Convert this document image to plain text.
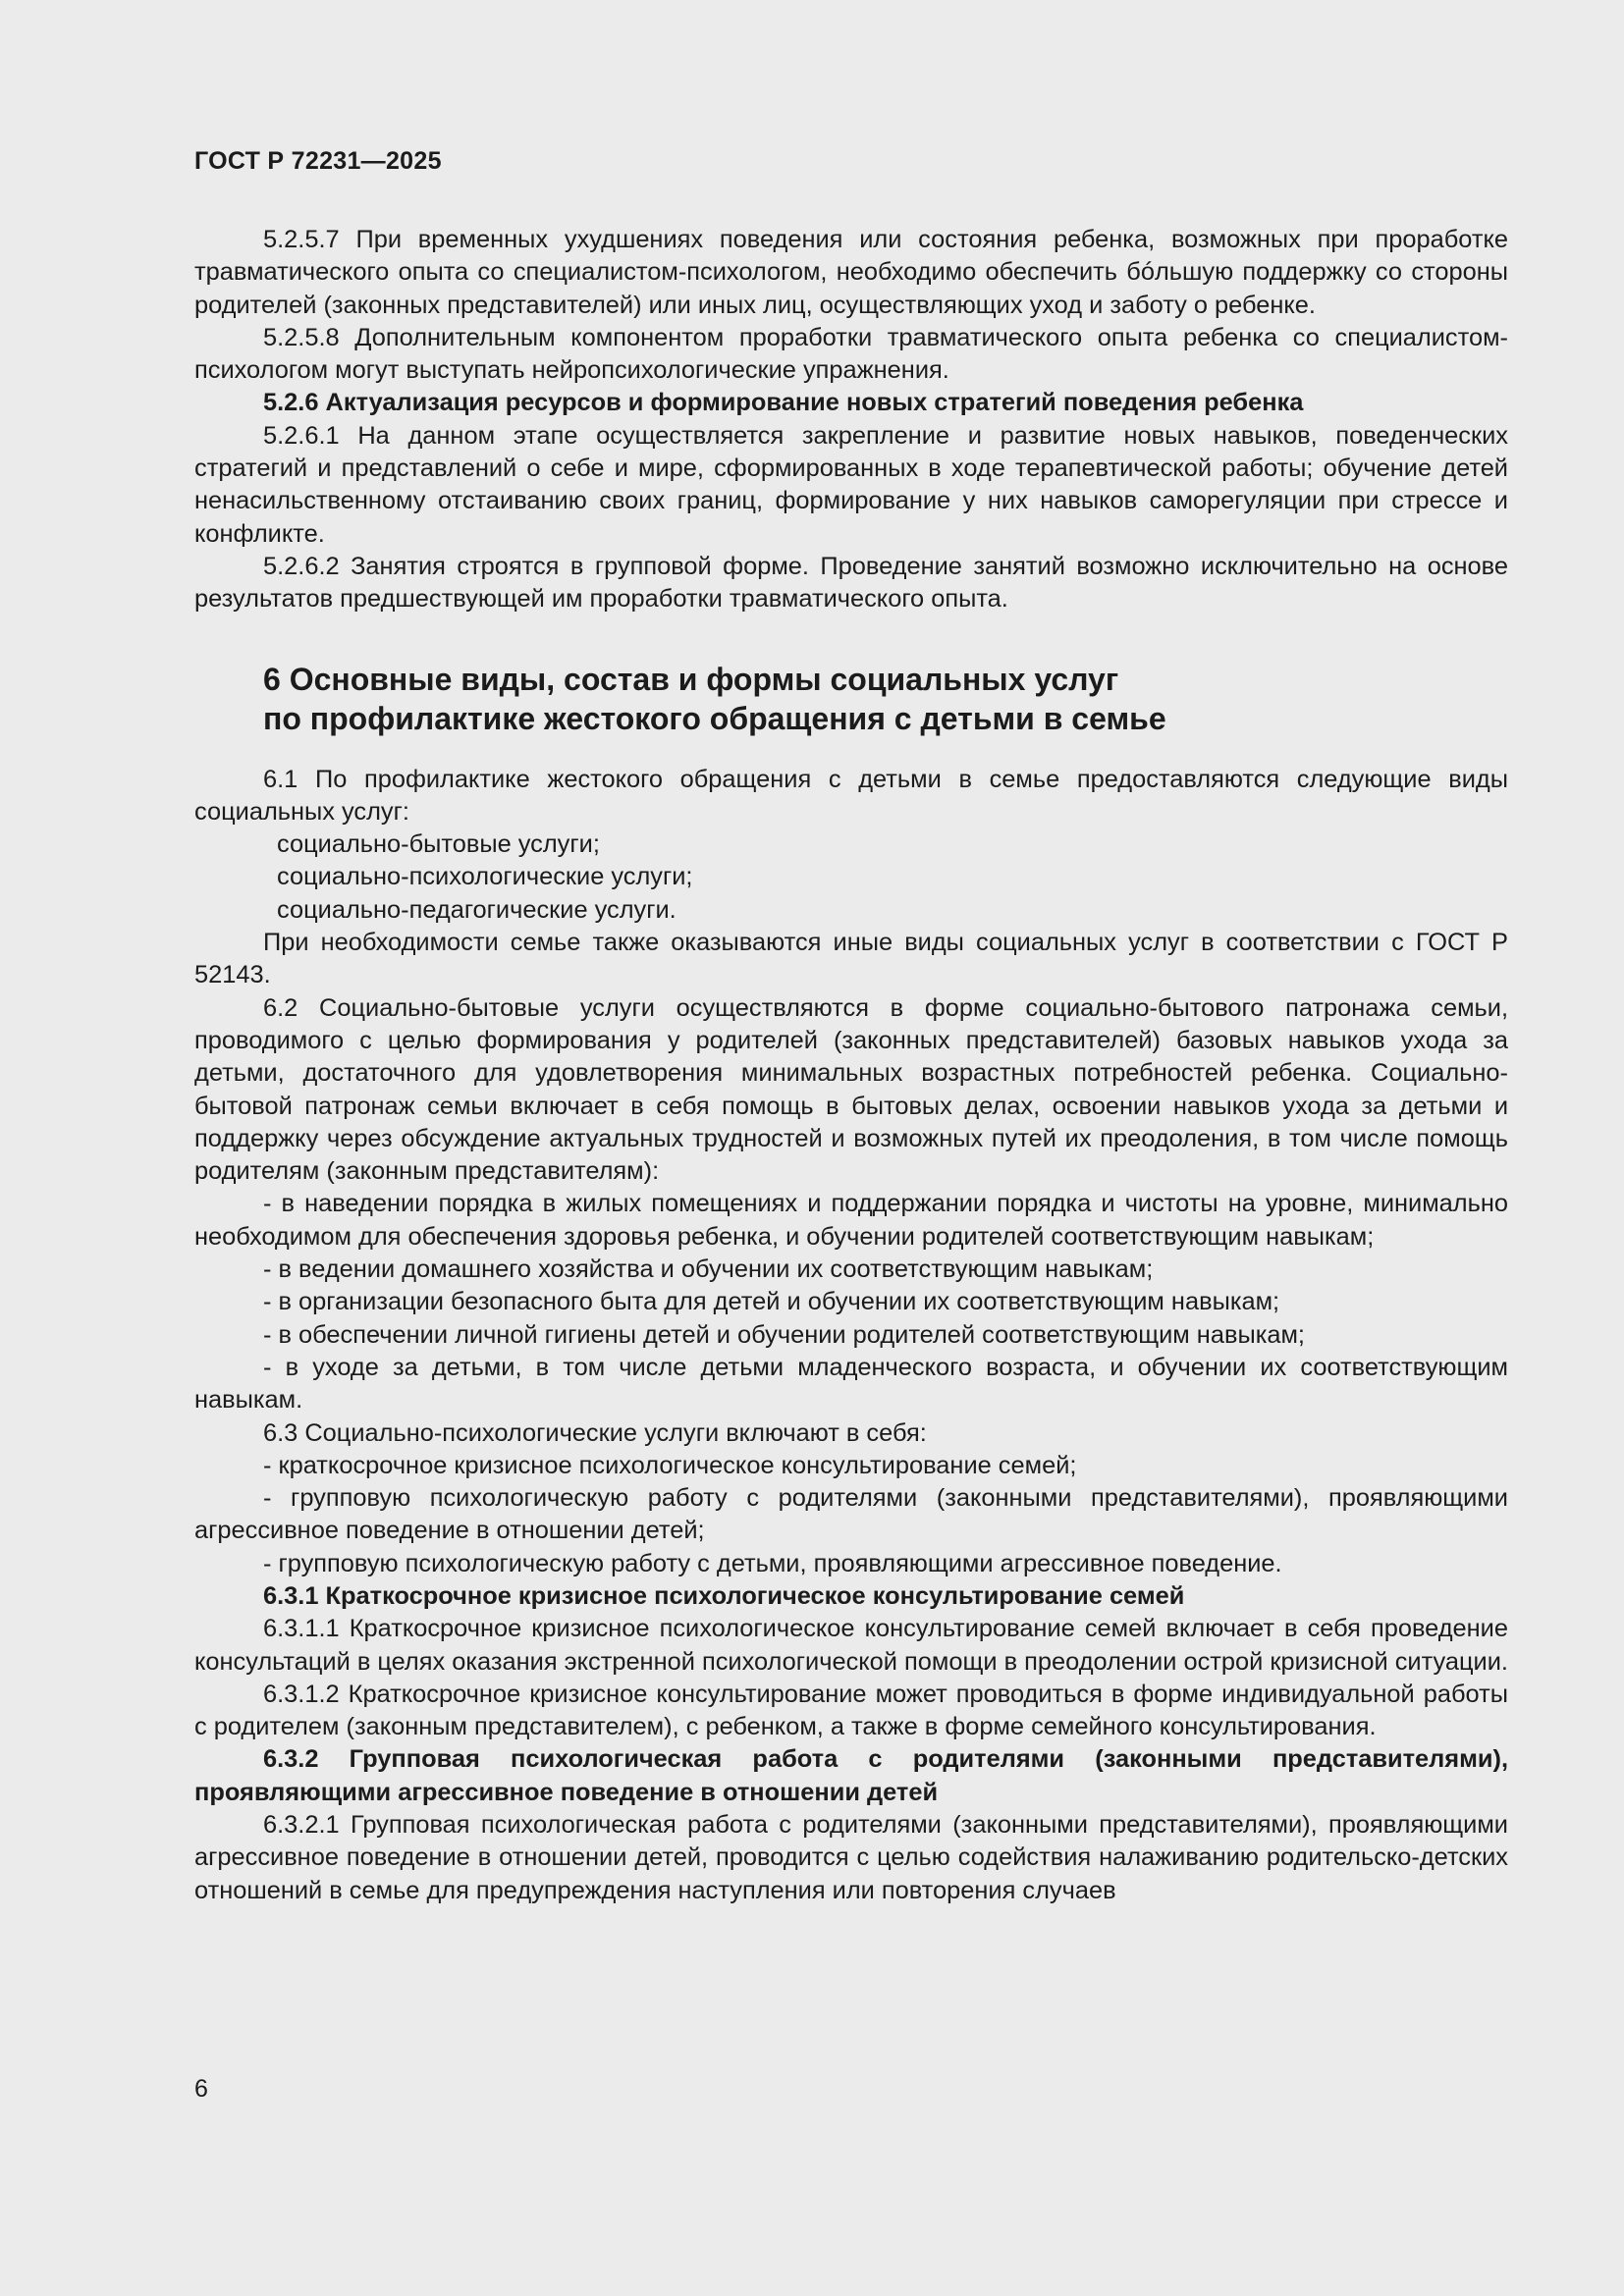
ГОСТ Р 72231—2025

5.2.5.7 При временных ухудшениях поведения или состояния ребенка, возможных при проработке травматического опыта со специалистом-психологом, необходимо обеспечить бóльшую поддержку со стороны родителей (законных представителей) или иных лиц, осуществляющих уход и заботу о ребенке.

5.2.5.8 Дополнительным компонентом проработки травматического опыта ребенка со специалистом-психологом могут выступать нейропсихологические упражнения.

5.2.6 Актуализация ресурсов и формирование новых стратегий поведения ребенка

5.2.6.1 На данном этапе осуществляется закрепление и развитие новых навыков, поведенческих стратегий и представлений о себе и мире, сформированных в ходе терапевтической работы; обучение детей ненасильственному отстаиванию своих границ, формирование у них навыков саморегуляции при стрессе и конфликте.

5.2.6.2 Занятия строятся в групповой форме. Проведение занятий возможно исключительно на основе результатов предшествующей им проработки травматического опыта.

6 Основные виды, состав и формы социальных услуг
по профилактике жестокого обращения с детьми в семье

6.1 По профилактике жестокого обращения с детьми в семье предоставляются следующие виды социальных услуг:

социально-бытовые услуги;

социально-психологические услуги;

социально-педагогические услуги.

При необходимости семье также оказываются иные виды социальных услуг в соответствии с ГОСТ Р 52143.

6.2 Социально-бытовые услуги осуществляются в форме социально-бытового патронажа семьи, проводимого с целью формирования у родителей (законных представителей) базовых навыков ухода за детьми, достаточного для удовлетворения минимальных возрастных потребностей ребенка. Социально-бытовой патронаж семьи включает в себя помощь в бытовых делах, освоении навыков ухода за детьми и поддержку через обсуждение актуальных трудностей и возможных путей их преодоления, в том числе помощь родителям (законным представителям):

- в наведении порядка в жилых помещениях и поддержании порядка и чистоты на уровне, минимально необходимом для обеспечения здоровья ребенка, и обучении родителей соответствующим навыкам;

- в ведении домашнего хозяйства и обучении их соответствующим навыкам;

- в организации безопасного быта для детей и обучении их соответствующим навыкам;

- в обеспечении личной гигиены детей и обучении родителей соответствующим навыкам;

- в уходе за детьми, в том числе детьми младенческого возраста, и обучении их соответствующим навыкам.

6.3 Социально-психологические услуги включают в себя:

- краткосрочное кризисное психологическое консультирование семей;

- групповую психологическую работу с родителями (законными представителями), проявляющими агрессивное поведение в отношении детей;

- групповую психологическую работу с детьми, проявляющими агрессивное поведение.

6.3.1 Краткосрочное кризисное психологическое консультирование семей

6.3.1.1 Краткосрочное кризисное психологическое консультирование семей включает в себя проведение консультаций в целях оказания экстренной психологической помощи в преодолении острой кризисной ситуации.

6.3.1.2 Краткосрочное кризисное консультирование может проводиться в форме индивидуальной работы с родителем (законным представителем), с ребенком, а также в форме семейного консультирования.

6.3.2 Групповая психологическая работа с родителями (законными представителями), проявляющими агрессивное поведение в отношении детей

6.3.2.1 Групповая психологическая работа с родителями (законными представителями), проявляющими агрессивное поведение в отношении детей, проводится с целью содействия налаживанию родительско-детских отношений в семье для предупреждения наступления или повторения случаев

6
